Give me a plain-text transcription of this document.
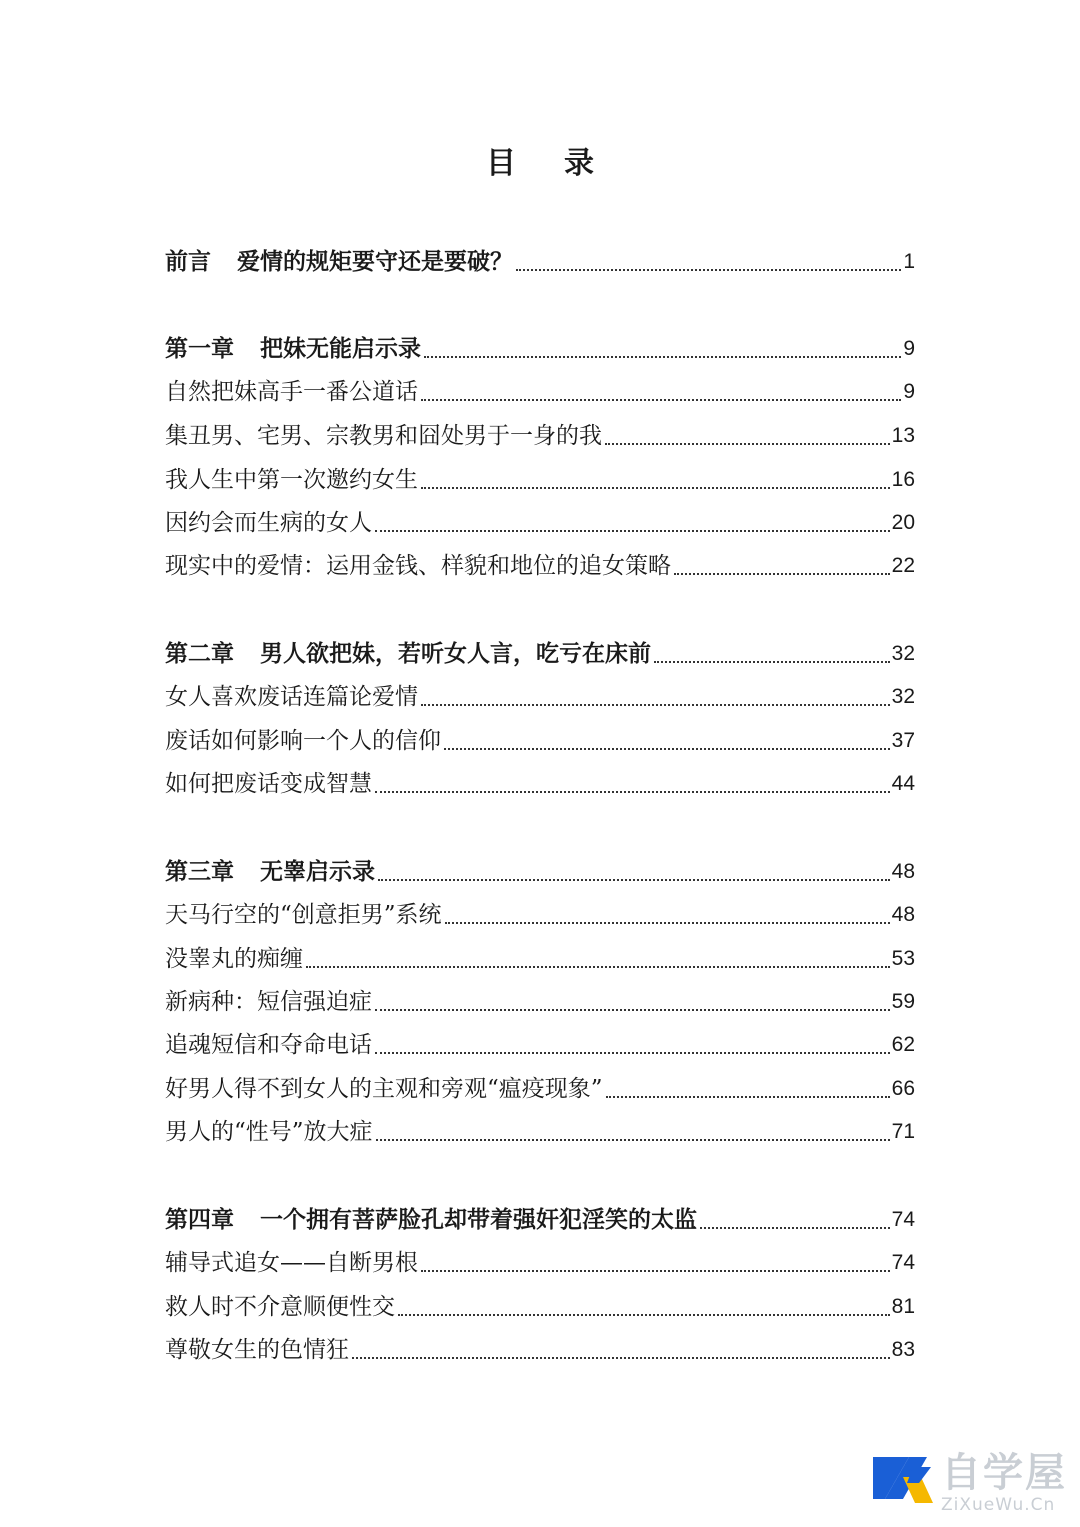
目 录
前言 爱情的规矩要守还是要破？	1
第一章 把妹无能启示录	9
自然把妹高手一番公道话	9
集丑男、宅男、宗教男和囧处男于一身的我	13
我人生中第一次邀约女生	16
因约会而生病的女人	20
现实中的爱情：运用金钱、样貌和地位的追女策略	22
第二章 男人欲把妹，若听女人言，吃亏在床前	32
女人喜欢废话连篇论爱情	32
废话如何影响一个人的信仰	37
如何把废话变成智慧	44
第三章 无睾启示录	48
天马行空的“创意拒男”系统	48
没睾丸的痴缠	53
新病种：短信强迫症	59
追魂短信和夺命电话	62
好男人得不到女人的主观和旁观“瘟疫现象”	66
男人的“性号”放大症	71
第四章 一个拥有菩萨脸孔却带着强奸犯淫笑的太监	74
辅导式追女——自断男根	74
救人时不介意顺便性交	81
尊敬女生的色情狂	83
自学屋
ZiXueWu.Cn
